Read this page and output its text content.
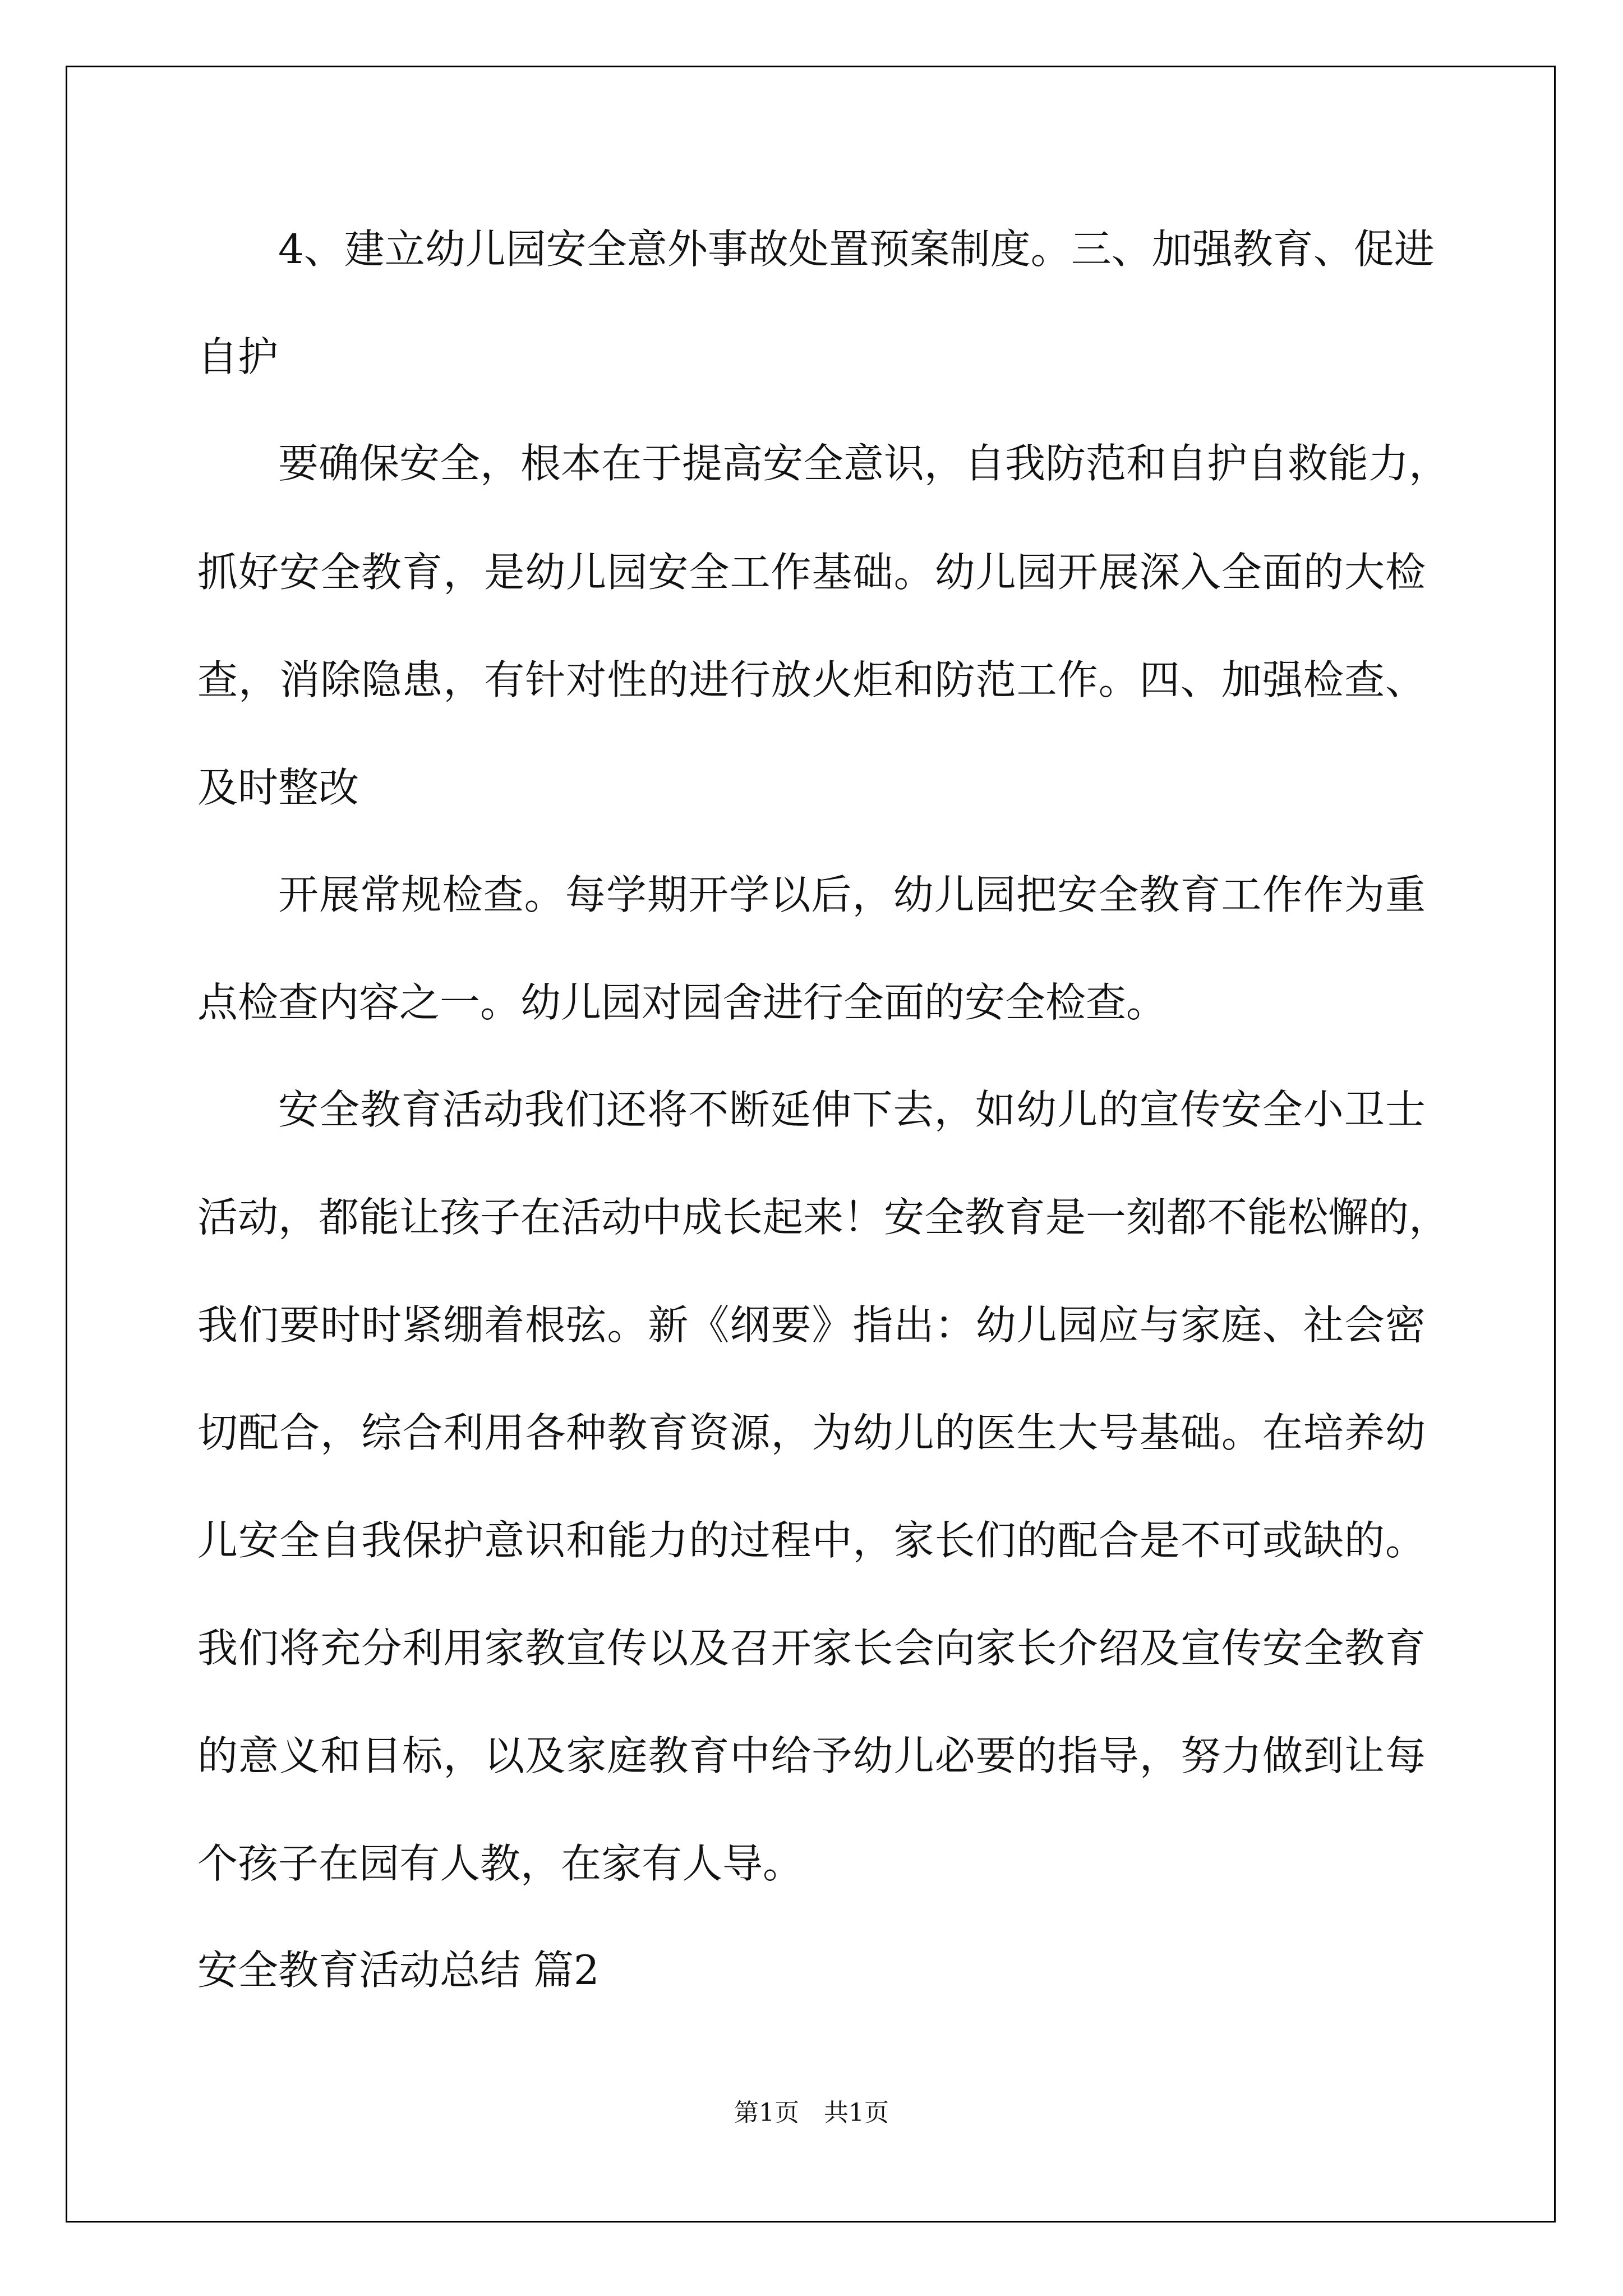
4、建立幼儿园安全意外事故处置预案制度。三、加强教育、促进
自护
要确保安全，根本在于提高安全意识，自我防范和自护自救能力，
抓好安全教育，是幼儿园安全工作基础。幼儿园开展深入全面的大检
查，消除隐患，有针对性的进行放火炬和防范工作。四、加强检查、
及时整改
开展常规检查。每学期开学以后，幼儿园把安全教育工作作为重
点检查内容之一。幼儿园对园舍进行全面的安全检查。
安全教育活动我们还将不断延伸下去，如幼儿的宣传安全小卫士
活动，都能让孩子在活动中成长起来！安全教育是一刻都不能松懈的，
我们要时时紧绷着根弦。新《纲要》指出：幼儿园应与家庭、社会密
切配合，综合利用各种教育资源，为幼儿的医生大号基础。在培养幼
儿安全自我保护意识和能力的过程中，家长们的配合是不可或缺的。
我们将充分利用家教宣传以及召开家长会向家长介绍及宣传安全教育
的意义和目标，以及家庭教育中给予幼儿必要的指导，努力做到让每
个孩子在园有人教，在家有人导。
安全教育活动总结 篇2
第1页　共1页
